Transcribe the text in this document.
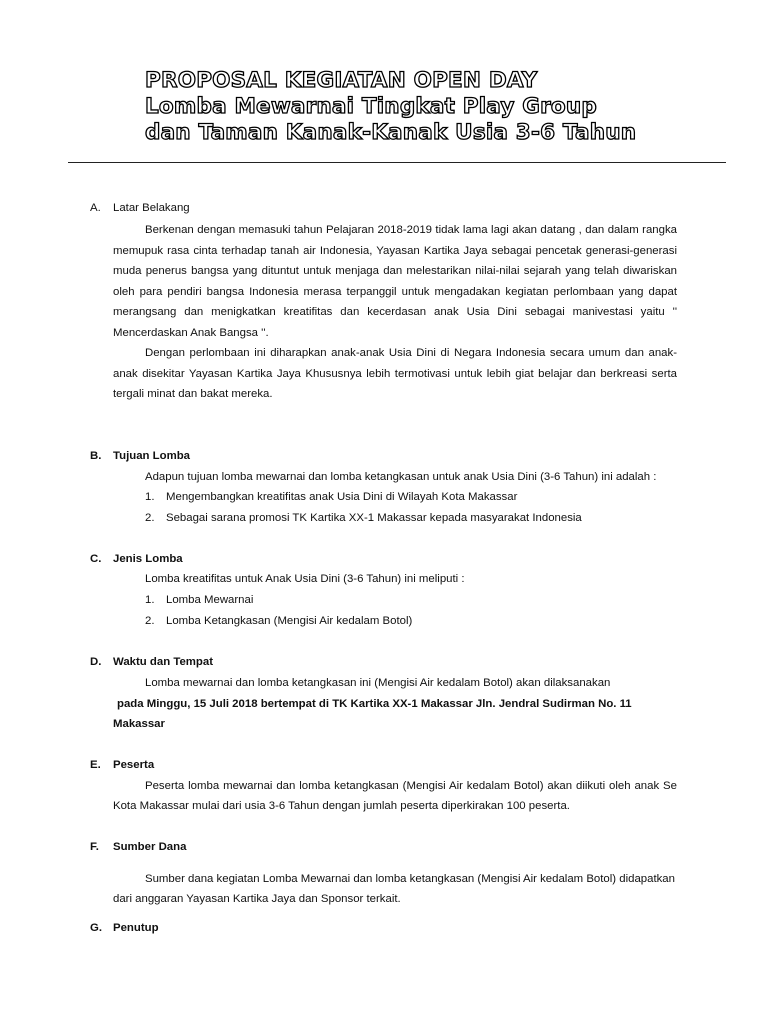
PROPOSAL KEGIATAN OPEN DAY
Lomba Mewarnai Tingkat Play Group
dan Taman Kanak-Kanak Usia 3-6 Tahun
A. Latar Belakang
Berkenan dengan memasuki tahun Pelajaran 2018-2019 tidak lama lagi akan datang , dan dalam rangka memupuk rasa cinta terhadap tanah air Indonesia, Yayasan Kartika Jaya sebagai pencetak generasi-generasi muda penerus bangsa yang dituntut untuk menjaga dan melestarikan nilai-nilai sejarah yang telah diwariskan oleh para pendiri bangsa Indonesia merasa terpanggil untuk mengadakan kegiatan perlombaan yang dapat merangsang dan menigkatkan kreatifitas dan kecerdasan anak Usia Dini sebagai manivestasi yaitu '' Mencerdaskan Anak Bangsa ''.
Dengan perlombaan ini diharapkan anak-anak Usia Dini di Negara Indonesia secara umum dan anak-anak disekitar Yayasan Kartika Jaya Khususnya lebih termotivasi untuk lebih giat belajar dan berkreasi serta tergali minat dan bakat mereka.
B. Tujuan Lomba
Adapun tujuan lomba mewarnai dan lomba ketangkasan untuk anak Usia Dini (3-6 Tahun) ini adalah :
1. Mengembangkan kreatifitas anak Usia Dini di Wilayah Kota Makassar
2. Sebagai sarana promosi TK Kartika XX-1 Makassar kepada masyarakat Indonesia
C. Jenis Lomba
Lomba kreatifitas untuk Anak Usia Dini (3-6 Tahun) ini meliputi :
1. Lomba Mewarnai
2. Lomba Ketangkasan (Mengisi Air kedalam Botol)
D. Waktu dan Tempat
Lomba mewarnai dan lomba ketangkasan ini (Mengisi Air kedalam Botol) akan dilaksanakan
pada Minggu, 15 Juli 2018 bertempat di TK Kartika XX-1 Makassar Jln. Jendral Sudirman No. 11 Makassar
E. Peserta
Peserta lomba mewarnai dan lomba ketangkasan (Mengisi Air kedalam Botol) akan diikuti oleh anak Se Kota Makassar mulai dari usia 3-6 Tahun dengan jumlah peserta diperkirakan 100 peserta.
F. Sumber Dana
Sumber dana kegiatan Lomba Mewarnai dan lomba ketangkasan (Mengisi Air kedalam Botol) didapatkan dari anggaran Yayasan Kartika Jaya dan Sponsor terkait.
G. Penutup
